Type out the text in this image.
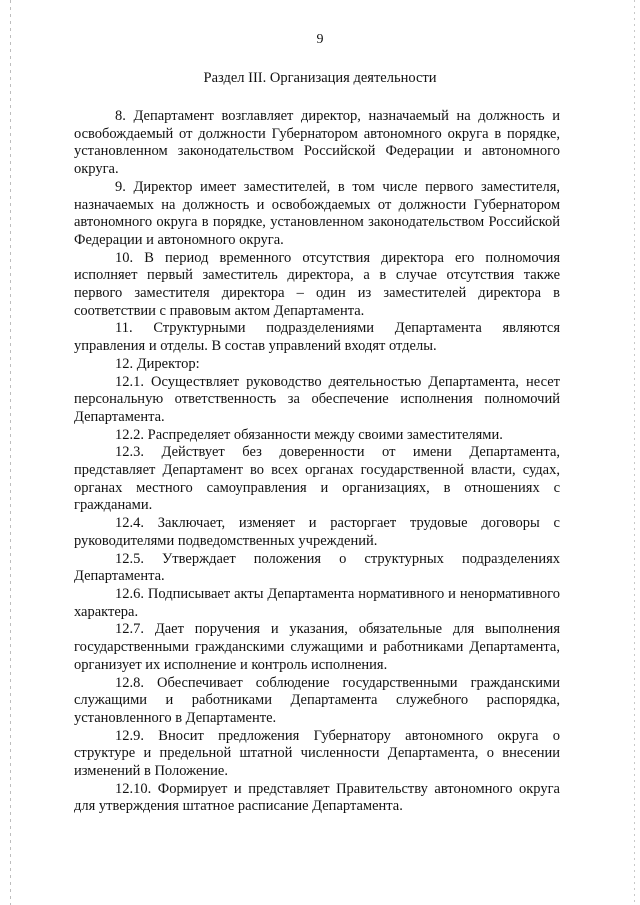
9
Раздел III. Организация деятельности

8. Департамент возглавляет директор, назначаемый на должность и освобождаемый от должности Губернатором автономного округа в порядке, установленном законодательством Российской Федерации и автономного округа.

9. Директор имеет заместителей, в том числе первого заместителя, назначаемых на должность и освобождаемых от должности Губернатором автономного округа в порядке, установленном законодательством Российской Федерации и автономного округа.

10. В период временного отсутствия директора его полномочия исполняет первый заместитель директора, а в случае отсутствия также первого заместителя директора – один из заместителей директора в соответствии с правовым актом Департамента.

11. Структурными подразделениями Департамента являются управления и отделы. В состав управлений входят отделы.

12. Директор:

12.1. Осуществляет руководство деятельностью Департамента, несет персональную ответственность за обеспечение исполнения полномочий Департамента.

12.2. Распределяет обязанности между своими заместителями.

12.3. Действует без доверенности от имени Департамента, представляет Департамент во всех органах государственной власти, судах, органах местного самоуправления и организациях, в отношениях с гражданами.

12.4. Заключает, изменяет и расторгает трудовые договоры с руководителями подведомственных учреждений.

12.5. Утверждает положения о структурных подразделениях Департамента.

12.6. Подписывает акты Департамента нормативного и ненормативного характера.

12.7. Дает поручения и указания, обязательные для выполнения государственными гражданскими служащими и работниками Департамента, организует их исполнение и контроль исполнения.

12.8. Обеспечивает соблюдение государственными гражданскими служащими и работниками Департамента служебного распорядка, установленного в Департаменте.

12.9. Вносит предложения Губернатору автономного округа о структуре и предельной штатной численности Департамента, о внесении изменений в Положение.

12.10. Формирует и представляет Правительству автономного округа для утверждения штатное расписание Департамента.
